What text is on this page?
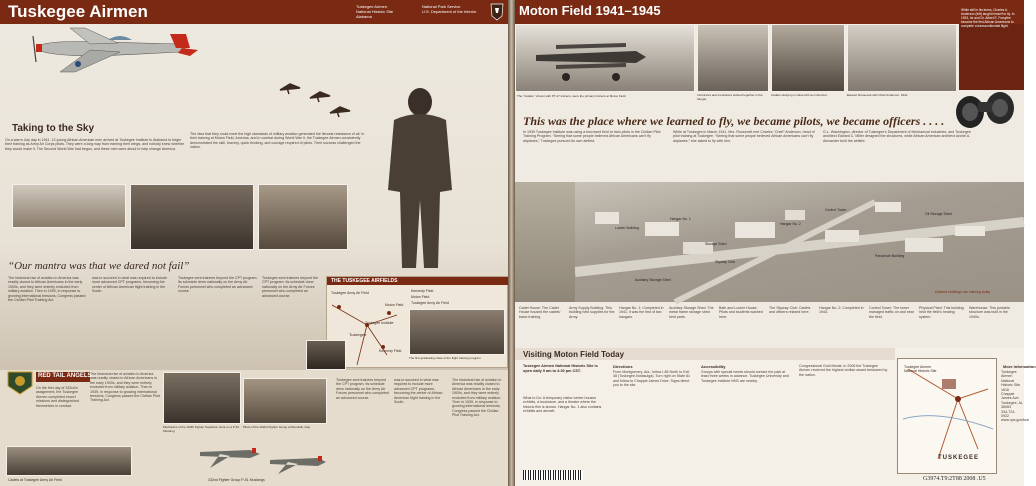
Tuskegee Airmen	Tuskegee Airmen
National Historic Site
Alabama
National Park Service
U.S. Department of the Interior
Taking to the Sky
On a warm July day in 1941, 13 young African American men arrived at Tuskegee Institute in Alabama to begin their training as Army Air Corps pilots. They were a long way from earning their wings, and nobody knew whether they would make it. The Second World War had begun, and these men were about to help change America.
The idea that they could meet the high standards of military aviation generated the fiercest resistance of all. In their training at Moton Field, America, and in combat during World War II, the Tuskegee Airmen consistently demonstrated the skill, bravery, quick thinking, and courage required of pilots. Their success challenged the nation.
“Our mantra was that we dared not fail”
The historical rise of aviation in America was readily closed to African Americans in the early 1900s, and they were entirely excluded from military aviation. Then in 1939, in response to growing international tensions, Congress passed the Civilian Pilot Training Act.
was to succeed in what was required to include more advanced CPT programs, becoming the center of African American flight training in the South.
Tuskegee sent trainees beyond the CPT program. Its schedule drew nationally on the Army Air Forces personnel who completed an advanced course.
Tuskegee sent trainees beyond the CPT program. Its schedule drew nationally on the Army Air Forces personnel who completed an advanced course.
THE TUSKEGEE AIRFIELDS
Tuskegee
Tuskegee Army Air Field
Moton Field
Kennedy Field
Tuskegee Institute
Kennedy Field
Moton Field
Tuskegee Army Air Field
The first graduating class of the flight training program.
RED TAIL ANGELS
On the first day of 332nd's assignment, the Tuskegee Airmen completed escort missions and distinguished themselves in combat.
The historical rise of aviation in America was readily closed to African Americans in the early 1900s, and they were entirely excluded from military aviation. Then in 1939, in response to growing international tensions, Congress passed the Civilian Pilot Training Act.
Cadets at Tuskegee Army Air Field
Mechanics of the 100th Fighter Squadron work on a P-51 Mustang
Pilots of the 332nd Fighter Group at Ramitelli, Italy
332nd Fighter Group P-51 Mustangs
Tuskegee sent trainees beyond the CPT program. Its schedule drew nationally on the Army Air Forces personnel who completed an advanced course.
was to succeed in what was required to include more advanced CPT programs, becoming the center of African American flight training in the South.
The historical rise of aviation in America was readily closed to African Americans in the early 1900s, and they were entirely excluded from military aviation. Then in 1939, in response to growing international tensions, Congress passed the Civilian Pilot Training Act.
Moton Field 1941–1945	While still in his teens, Charles A. Anderson (left) taught himself to fly. In 1933, he and Dr. Albert E. Forsythe became the first African Americans to complete a transcontinental flight.
The “Cadets,” shown with PT-17 trainers, were the primary trainers at Moton Field.	Instructors and mechanics worked together in the hangar.
Cadets studying in class with an instructor.	Eleanor Roosevelt with Chief Anderson, 1941.
This was the place where we learned to fly, we became pilots, we became officers . . . .
In 1939 Tuskegee Institute was using a borrowed field to train pilots in the Civilian Pilot Training Program. “Seeing that some people believed African Americans can’t fly airplanes,” Tuskegee pursued its own airfield.
While at Tuskegee in March 1941, Mrs. Roosevelt met Charles “Chief” Anderson, head of pilot training at Tuskegee. “Seeing that some people believed African Americans can’t fly airplanes,” she asked to fly with him.
G.L. Washington, director of Tuskegee’s Department of Mechanical Industries, and Tuskegee architect Edward C. Miller designed the structures, while African American architect Archie A. Alexander built the airfield.
Control Tower
Hangar No. 1
Hangar No. 2
Skyway Club
Storage Shed
Locker Building
Parachute Building
Auxiliary Storage Shed
Oil Storage Shed
Dashed buildings are missing today
Cadet House: The Cadet House housed the cadets' basic training.
Army Supply Building: This building held supplies for the Army.
Hangar No. 1: Completed in 1941, it was the first of two hangars.
Auxiliary Storage Shed: The metal frame storage shed held parts.
Bath and Locker House: Pilots and students washed here.
The Skyway Club: Cadets and officers relaxed here.
Hangar No. 2: Completed in 1944.
Control Tower: The tower managed traffic on and near the field.
Physical Plant: This building held the field's heating system.
Warehouse: This portable structure was built in the 1940s.
Visiting Moton Field Today
Tuskegee Airmen National Historic Site is open daily 9 am to 4:30 pm CST.
What to Do: A temporary visitor center houses exhibits, a bookstore, and a theater where the historic film is shown. Hangar No. 1 also contains exhibits and aircraft.
Directions
From Montgomery, Ala., follow I-85 North to Exit 38 (Tuskegee-Notasulga). Turn right on State 81 and follow to Chappie James Drive. Signs direct you to the site.
Accessibility
Groups with special needs should contact the park at least three weeks in advance. Tuskegee University and Tuskegee Institute NHS are nearby.
Congressional Gold Medal: In 2006 the Tuskegee Airmen received the highest civilian award bestowed by the nation.
Tuskegee Airmen National Historic Site
TUSKEGEE
More Information
Tuskegee Airmen National Historic Site
1616 Chappie James Ave.
Tuskegee, AL 36083
334-724-0922
www.nps.gov/tuai
G3974.T9:2T88 2008 .U5
